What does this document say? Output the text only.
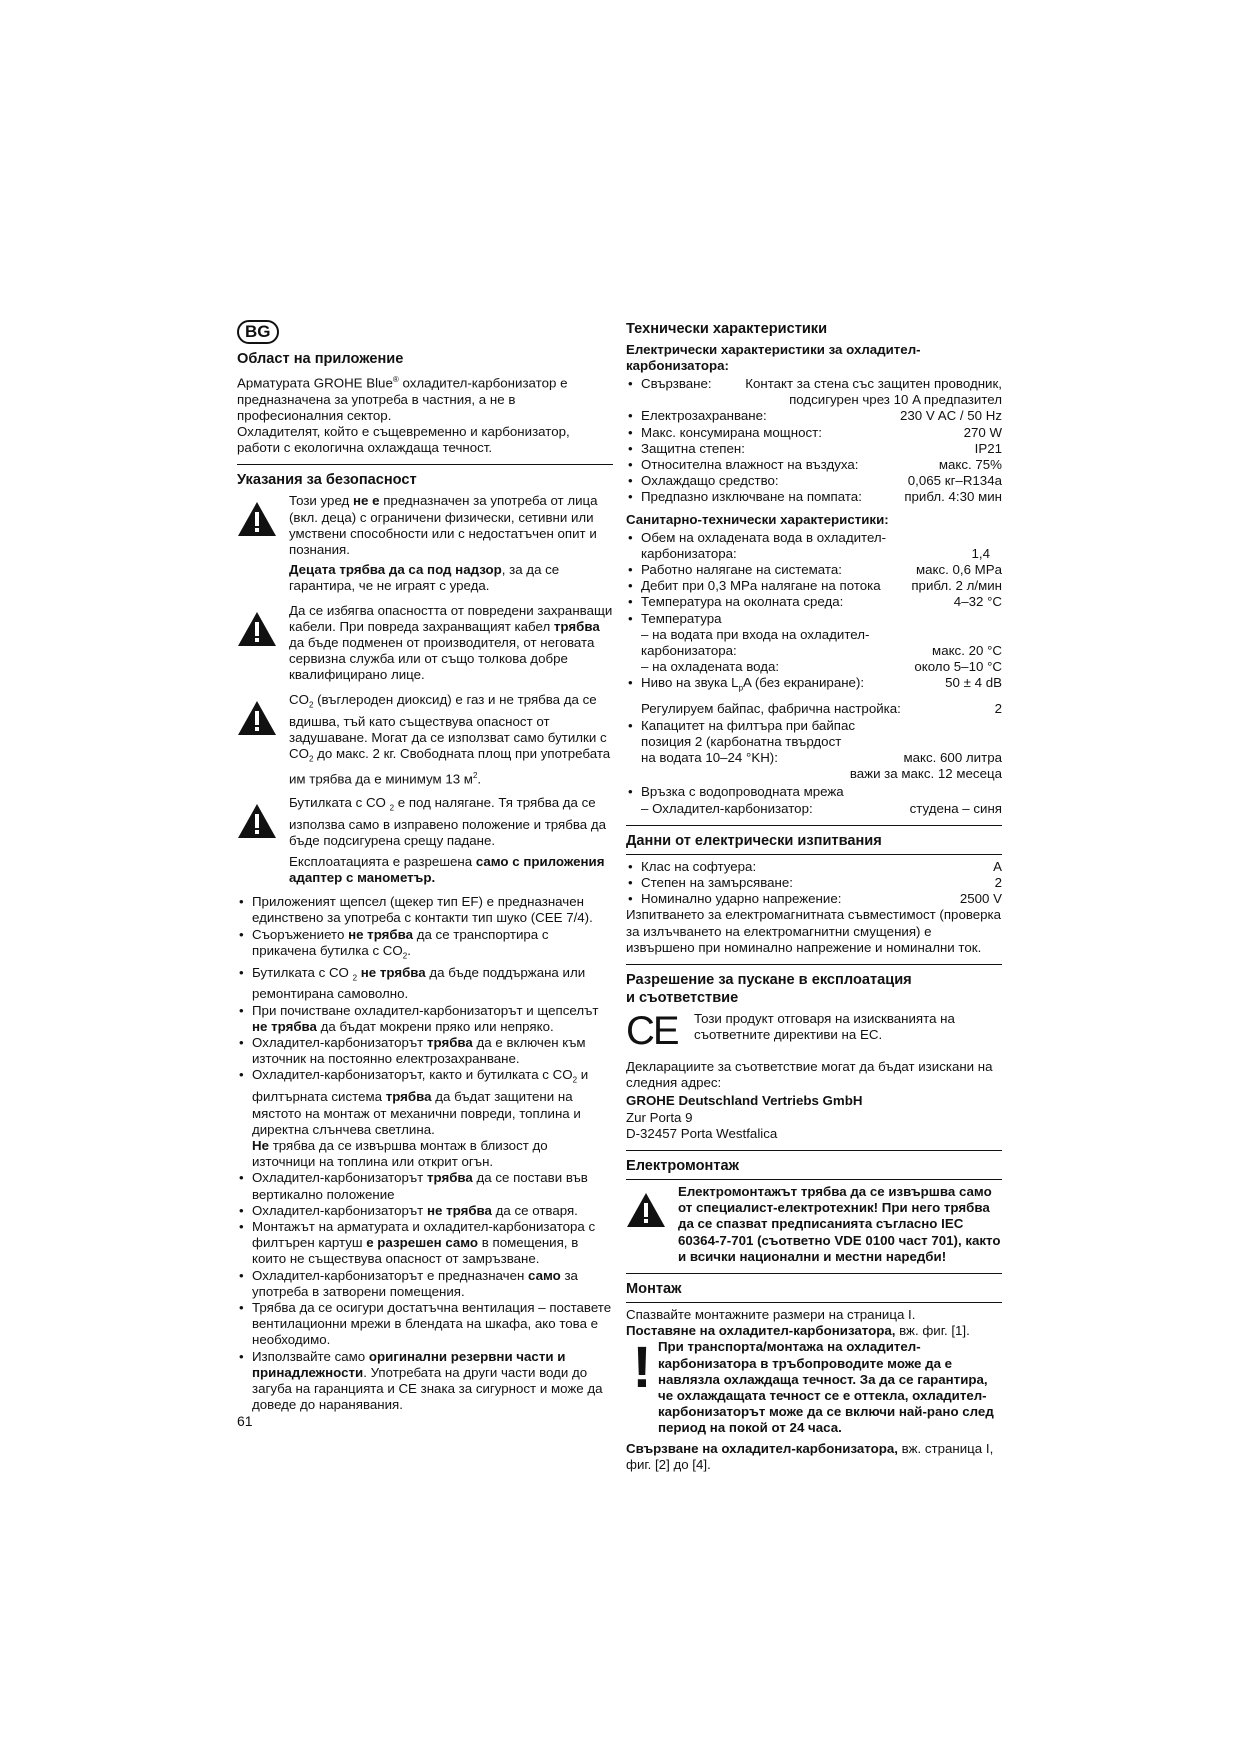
BG
Област на приложение

Арматурата GROHE Blue® охладител-карбонизатор е предназначена за употреба в частния, а не в професионалния сектор.

Охладителят, който е същевременно и карбонизатор, работи с екологична охлаждаща течност.

Указания за безопасност

Този уред не е предназначен за употреба от лица (вкл. деца) с ограничени физически, сетивни или умствени способности или с недостатъчен опит и познания.

Децата трябва да са под надзор, за да се гарантира, че не играят с уреда.

Да се избягва опасността от повредени захранващи кабели. При повреда захранващият кабел трябва да бъде подменен от производителя, от неговата сервизна служба или от също толкова добре квалифицирано лице.

$CO_2$ (въглероден диоксид) е газ и не трябва да се вдишва, тъй като съществува опасност от задушаване. Могат да се използват само бутилки с $CO_2$ до макс. 2 кг. Свободната площ при употребата им трябва да е минимум 13 $м^2$.

Бутилката с CO $_2$ е под налягане. Тя трябва да се използва само в изправено положение и трябва да бъде подсигурена срещу падане.

Експлоатацията е разрешена само с приложения адаптер с манометър.

• Приложеният щепсел (щекер тип EF) е предназначен единствено за употреба с контакти тип шуко (CEE 7/4).
• Съоръжението не трябва да се транспортира с прикачена бутилка с $CO_2$.
• Бутилката с CO $_2$ не трябва да бъде поддържана или ремонтирана самоволно.
• При почистване охладител-карбонизаторът и щепселът не трябва да бъдат мокрени пряко или непряко.
• Охладител-карбонизаторът трябва да е включен към източник на постоянно електрозахранване.
• Охладител-карбонизаторът, както и бутилката с $CO_2$ и филтърната система трябва да бъдат защитени на мястото на монтаж от механични повреди, топлина и директна слънчева светлина.
Не трябва да се извършва монтаж в близост до източници на топлина или открит огън.
• Охладител-карбонизаторът трябва да се постави във вертикално положение
• Охладител-карбонизаторът не трябва да се отваря.
• Монтажът на арматурата и охладител-карбонизатора с филтърен картуш е разрешен само в помещения, в които не съществува опасност от замръзване.
• Охладител-карбонизаторът е предназначен само за употреба в затворени помещения.
• Трябва да се осигури достатъчна вентилация – поставете вентилационни мрежи в блендата на шкафа, ако това е необходимо.
• Използвайте само оригинални резервни части и принадлежности. Употребата на други части води до загуба на гаранцията и CE знака за сигурност и може да доведе до наранявания.
Технически характеристики
Електрически характеристики за охладител-карбонизатора:
• Свързване:	Контакт за стена със защитен проводник,
подсигурен чрез 10 A предпазител
• Електрозахранване:	230 V AC / 50 Hz
• Макс. консумирана мощност:	270 W
• Защитна степен:	IP21
• Относителна влажност на въздуха:	макс. 75%
• Охлаждащо средство:	0,065 кг–R134a
• Предпазно изключване на помпата:	прибл. 4:30 мин
Санитарно-технически характеристики:
• Обем на охладената вода в охладител-
карбонизатора:	1,4
• Работно налягане на системата:	макс. 0,6 MPa
• Дебит при 0,3 MPa налягане на потока прибл. 2 л/мин
• Температура на околната среда:	4–32 °C
• Температура
– на водата при входа на охладител-
карбонизатора:	макс. 20 °C
– на охладената вода:	около 5–10 °C
• Ниво на звука $L_pA$ (без екраниране):	50 ± 4 dB
Регулируем байпас, фабрична настройка:	2
• Капацитет на филтъра при байпас
позиция 2 (карбонатна твърдост
на водата 10–24 °KH):	макс. 600 литра
важи за макс. 12 месеца
• Връзка с водопроводната мрежа
– Охладител-карбонизатор:	студена – синя
Данни от електрически изпитвания
• Клас на софтуера:	A
• Степен на замърсяване:	2
• Номинално ударно напрежение:	2500 V

Изпитването за електромагнитната съвместимост (проверка за излъчването на електромагнитни смущения) е извършено при номинално напрежение и номинални ток.

Разрешение за пускане в експлоатация
и съответствие
CE	Този продукт отговаря на изискванията на съответните директиви на ЕС.

Декларациите за съответствие могат да бъдат изискани на следния адрес:

GROHE Deutschland Vertriebs GmbH

Zur Porta 9

D-32457 Porta Westfalica

Електромонтаж

Електромонтажът трябва да се извършва само от специалист-електротехник! При него трябва да се спазват предписанията съгласно IEC 60364-7-701 (съответно VDE 0100 част 701), както и всички национални и местни наредби!

Монтаж

Спазвайте монтажните размери на страница I.

Поставяне на охладител-карбонизатора, вж. фиг. [1].

! При транспорта/монтажа на охладител-карбонизатора в тръбопроводите може да е навлязла охлаждаща течност. За да се гарантира, че охлаждащата течност се е оттекла, охладител-карбонизаторът може да се включи най-рано след период на покой от 24 часа.

Свързване на охладител-карбонизатора, вж. страница I, фиг. [2] до [4].

61
